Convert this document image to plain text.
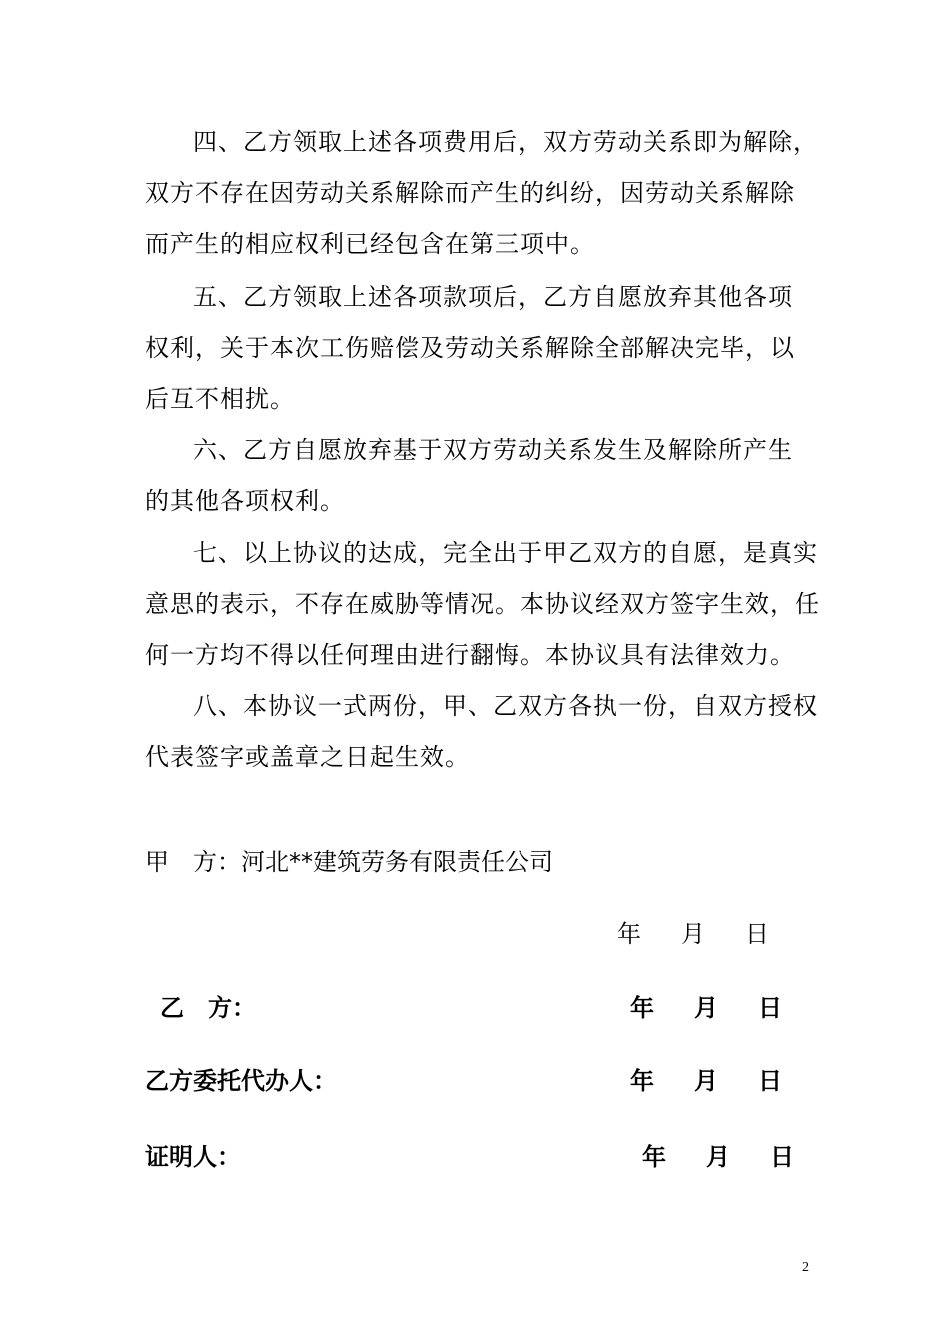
四、乙方领取上述各项费用后，双方劳动关系即为解除，
双方不存在因劳动关系解除而产生的纠纷，因劳动关系解除
而产生的相应权利已经包含在第三项中。
五、乙方领取上述各项款项后，乙方自愿放弃其他各项
权利，关于本次工伤赔偿及劳动关系解除全部解决完毕，以
后互不相扰。
六、乙方自愿放弃基于双方劳动关系发生及解除所产生
的其他各项权利。
七、以上协议的达成，完全出于甲乙双方的自愿，是真实
意思的表示，不存在威胁等情况。本协议经双方签字生效，任
何一方均不得以任何理由进行翻悔。本协议具有法律效力。
八、本协议一式两份，甲、乙双方各执一份，自双方授权
代表签字或盖章之日起生效。
甲　方：河北**建筑劳务有限责任公司
年 月 日
乙　方：	年 月 日
乙方委托代办人：	年 月 日
证明人：	年 月 日
2
